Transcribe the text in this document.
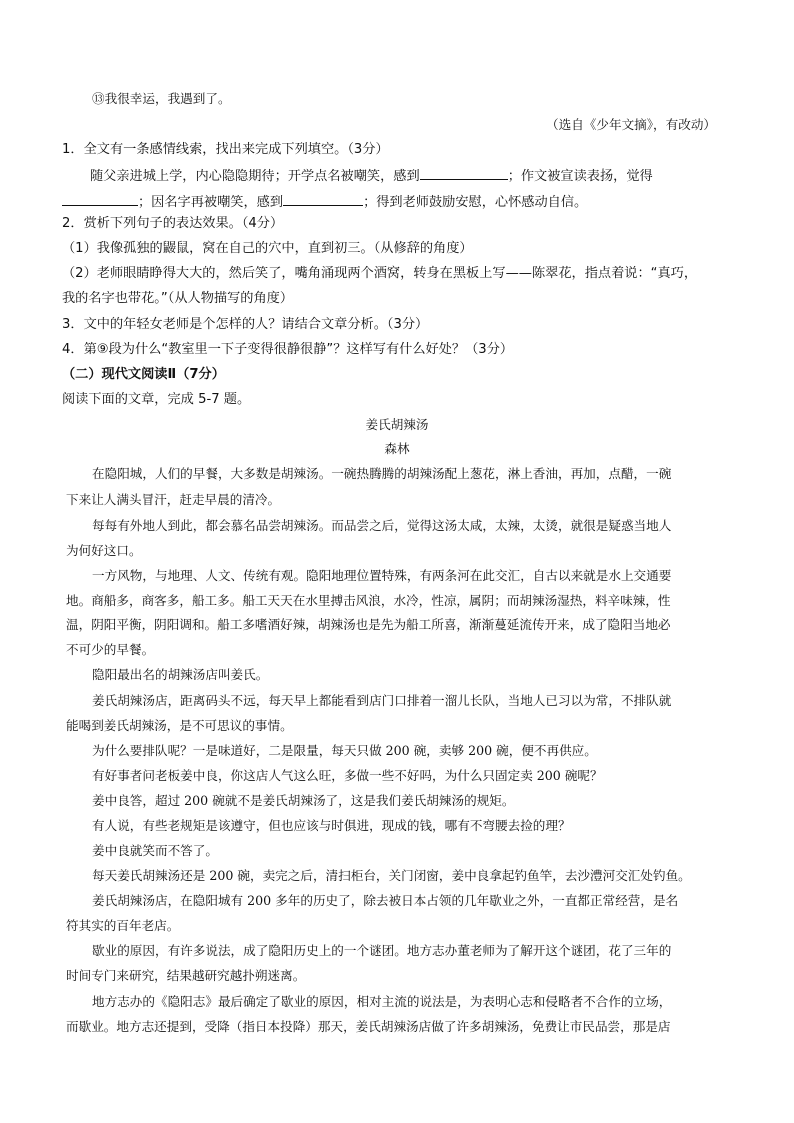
⑬我很幸运，我遇到了。
（选自《少年文摘》，有改动）
1．全文有一条感情线索，找出来完成下列填空。（3分）
随父亲进城上学，内心隐隐期待；开学点名被嘲笑，感到	；作文被宣读表扬，觉得
；因名字再被嘲笑，感到	；得到老师鼓励安慰，心怀感动自信。
2．赏析下列句子的表达效果。（4分）
（1）我像孤独的鼹鼠，窝在自己的穴中，直到初三。（从修辞的角度）
（2）老师眼睛睁得大大的，然后笑了，嘴角涌现两个酒窝，转身在黑板上写——陈翠花，指点着说：“真巧，
我的名字也带花。”（从人物描写的角度）
3．文中的年轻女老师是个怎样的人？请结合文章分析。（3分）
4．第⑨段为什么“教室里一下子变得很静很静”？这样写有什么好处？（3分）
（二）现代文阅读Ⅱ（7分）
阅读下面的文章，完成 5-7 题。
姜氏胡辣汤
森林
在隐阳城，人们的早餐，大多数是胡辣汤。一碗热腾腾的胡辣汤配上葱花，淋上香油，再加，点醋，一碗
下来让人满头冒汗，赶走早晨的清冷。
每每有外地人到此，都会慕名品尝胡辣汤。而品尝之后，觉得这汤太咸，太辣，太烫，就很是疑惑当地人
为何好这口。
一方风物，与地理、人文、传统有观。隐阳地理位置特殊，有两条河在此交汇，自古以来就是水上交通要
地。商船多，商客多，船工多。船工天天在水里搏击风浪，水冷，性凉，属阴；而胡辣汤湿热，料辛味辣，性
温，阴阳平衡，阴阳调和。船工多嗜酒好辣，胡辣汤也是先为船工所喜，渐渐蔓延流传开来，成了隐阳当地必
不可少的早餐。
隐阳最出名的胡辣汤店叫姜氏。
姜氏胡辣汤店，距离码头不远，每天早上都能看到店门口排着一溜儿长队，当地人已习以为常，不排队就
能喝到姜氏胡辣汤，是不可思议的事情。
为什么要排队呢？一是味道好，二是限量，每天只做 200 碗，卖够 200 碗，便不再供应。
有好事者问老板姜中良，你这店人气这么旺，多做一些不好吗，为什么只固定卖 200 碗呢？
姜中良答，超过 200 碗就不是姜氏胡辣汤了，这是我们姜氏胡辣汤的规矩。
有人说，有些老规矩是该遵守，但也应该与时俱进，现成的钱，哪有不弯腰去捡的理？
姜中良就笑而不答了。
每天姜氏胡辣汤还是 200 碗，卖完之后，清扫柜台，关门闭窗，姜中良拿起钓鱼竿，去沙澧河交汇处钓鱼。
姜氏胡辣汤店，在隐阳城有 200 多年的历史了，除去被日本占领的几年歇业之外，一直都正常经营，是名
符其实的百年老店。
歇业的原因，有许多说法，成了隐阳历史上的一个谜团。地方志办董老师为了解开这个谜团，花了三年的
时间专门来研究，结果越研究越扑朔迷离。
地方志办的《隐阳志》最后确定了歇业的原因，相对主流的说法是，为表明心志和侵略者不合作的立场，
而歇业。地方志还提到，受降（指日本投降）那天，姜氏胡辣汤店做了许多胡辣汤，免费让市民品尝，那是店
